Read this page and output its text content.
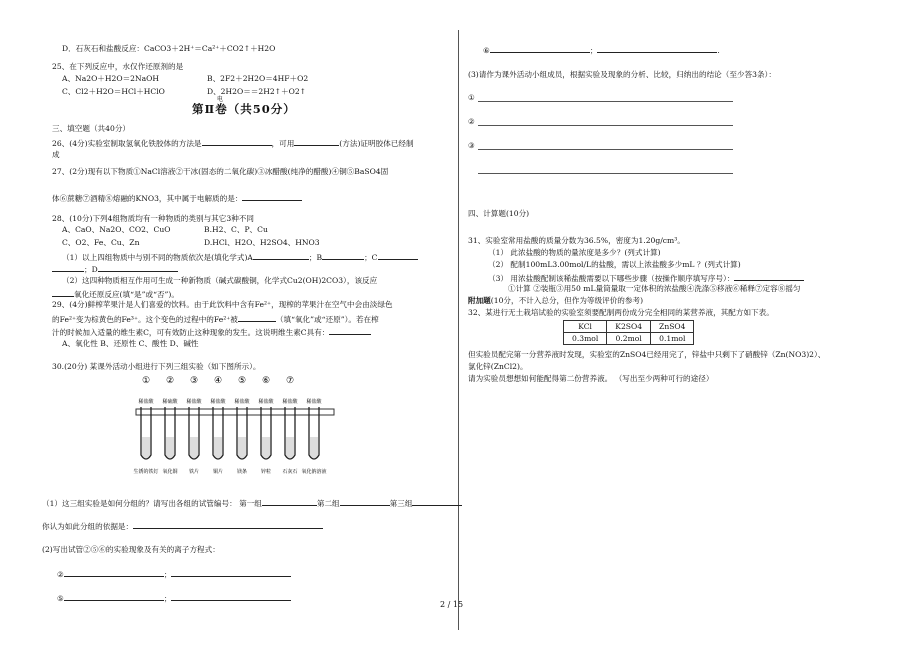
D．石灰石和盐酸反应：CaCO3＋2H⁺＝Ca²⁺＋CO2↑＋H2O
25、在下列反应中，水仅作还原剂的是
A、Na2O＋H2O＝2NaOH	B、2F2＋2H2O＝4HF＋O2
C、Cl2＋H2O＝HCl＋HClO	D、2H2O＝＝2H2↑＋O2↑
电
第Ⅱ卷（共50分）
三、填空题（共40分）
26、(4分)实验室制取氢氧化铁胶体的方法是	，可用	(方法)证明胶体已经制
成
27、(2分)现有以下物质①NaCl溶液②干冰(固态的二氧化碳)③冰醋酸(纯净的醋酸)④铜⑤BaSO4固
体⑥蔗糖⑦酒精⑧熔融的KNO3，其中属于电解质的是：
28、(10分)下列4组物质均有一种物质的类别与其它3种不同
A、CaO、Na2O、CO2、CuO	B.H2、C、P、Cu
C、O2、Fe、Cu、Zn	D.HCl、H2O、H2SO4、HNO3
（1）以上四组物质中与别不同的物质依次是(填化学式)A	；B	；C
；D
（2）这四种物质相互作用可生成一种新物质（碱式碳酸铜，化学式Cu2(OH)2CO3），该反应
氧化还原反应(填“是”或“否”)。
29、(4分)鲜榨苹果汁是人们喜爱的饮料。由于此饮料中含有Fe²⁺，现榨的苹果汁在空气中会由淡绿色
的Fe²⁺变为棕黄色的Fe³⁺。这个变色的过程中的Fe²⁺被	（填“氧化”或“还原”）。若在榨
汁的时候加入适量的维生素C，可有效防止这种现象的发生。这说明维生素C具有：
A、氧化性 B、还原性 C、酸性 D、碱性
30.(20分) 某课外活动小组进行下列三组实验（如下图所示）。
①
稀盐酸
生锈的铁钉
②
稀硫酸
氧化铜
③
稀盐酸
铁片
④
稀盐酸
铜片
⑤
稀盐酸
镁条
⑥
稀盐酸
锌粒
⑦
稀盐酸
石灰石
稀盐酸
氧化钠溶液
（1）这三组实验是如何分组的？请写出各组的试管编号： 第一组	第二组	第三组
你认为如此分组的依据是：
(2)写出试管②⑤⑥的实验现象及有关的离子方程式：
②	；
⑤	；
⑥	；	.
(3)请作为课外活动小组成员，根据实验及现象的分析、比较，归纳出的结论（至少答3条）：
①
②
③
四、计算题(10分)
31、实验室常用盐酸的质量分数为36.5%，密度为1.20g/cm³。
（1） 此浓盐酸的物质的量浓度是多少？(列式计算)
（2） 配制100mL3.00mol/L的盐酸，需以上浓盐酸多少mL ？(列式计算)
（3） 用浓盐酸配制该稀盐酸需要以下哪些步骤（按操作顺序填写序号）：
①计算 ②装瓶③用50 mL量筒量取一定体积的浓盐酸④洗涤⑤移液⑥稀释⑦定容⑧摇匀
附加题(10分，不计入总分，但作为等级评价的参考)
32、某进行无土栽培试验的实验室须要配制两份成分完全相同的某营养液，其配方如下表。
KCl	K2SO4	ZnSO4
0.3mol	0.2mol	0.1mol
但实验员配完第一分营养液时发现，实验室的ZnSO4已经用完了，锌盐中只剩下了硝酸锌（Zn(NO3)2）、
氯化锌(ZnCl2)。
请为实验员想想如何能配得第二份营养液。 （写出至少两种可行的途径）
2 / 15
